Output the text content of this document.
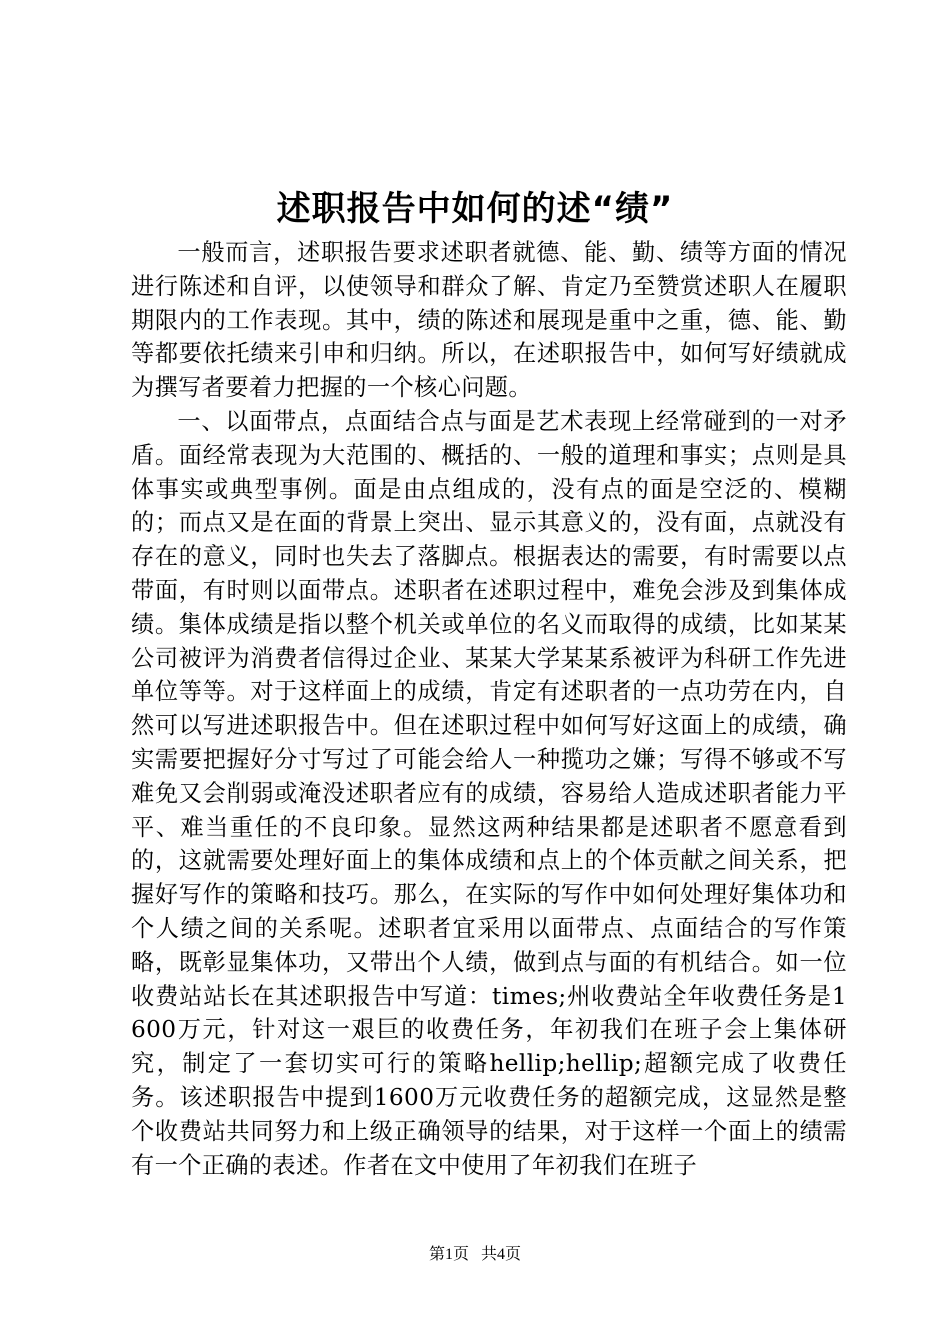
述职报告中如何的述“绩”

一般而言，述职报告要求述职者就德、能、勤、绩等方面的情况进行陈述和自评，以使领导和群众了解、肯定乃至赞赏述职人在履职期限内的工作表现。其中，绩的陈述和展现是重中之重，德、能、勤等都要依托绩来引申和归纳。所以，在述职报告中，如何写好绩就成为撰写者要着力把握的一个核心问题。

一、以面带点，点面结合点与面是艺术表现上经常碰到的一对矛盾。面经常表现为大范围的、概括的、一般的道理和事实；点则是具体事实或典型事例。面是由点组成的，没有点的面是空泛的、模糊的；而点又是在面的背景上突出、显示其意义的，没有面，点就没有存在的意义，同时也失去了落脚点。根据表达的需要，有时需要以点带面，有时则以面带点。述职者在述职过程中，难免会涉及到集体成绩。集体成绩是指以整个机关或单位的名义而取得的成绩，比如某某公司被评为消费者信得过企业、某某大学某某系被评为科研工作先进单位等等。对于这样面上的成绩，肯定有述职者的一点功劳在内，自然可以写进述职报告中。但在述职过程中如何写好这面上的成绩，确实需要把握好分寸写过了可能会给人一种揽功之嫌；写得不够或不写难免又会削弱或淹没述职者应有的成绩，容易给人造成述职者能力平平、难当重任的不良印象。显然这两种结果都是述职者不愿意看到的，这就需要处理好面上的集体成绩和点上的个体贡献之间关系，把握好写作的策略和技巧。那么，在实际的写作中如何处理好集体功和个人绩之间的关系呢。述职者宜采用以面带点、点面结合的写作策略，既彰显集体功，又带出个人绩，做到点与面的有机结合。如一位收费站站长在其述职报告中写道：times;州收费站全年收费任务是1600万元，针对这一艰巨的收费任务，年初我们在班子会上集体研究，制定了一套切实可行的策略hellip;hellip;超额完成了收费任务。该述职报告中提到1600万元收费任务的超额完成，这显然是整个收费站共同努力和上级正确领导的结果，对于这样一个面上的绩需有一个正确的表述。作者在文中使用了年初我们在班子

第1页 共4页
